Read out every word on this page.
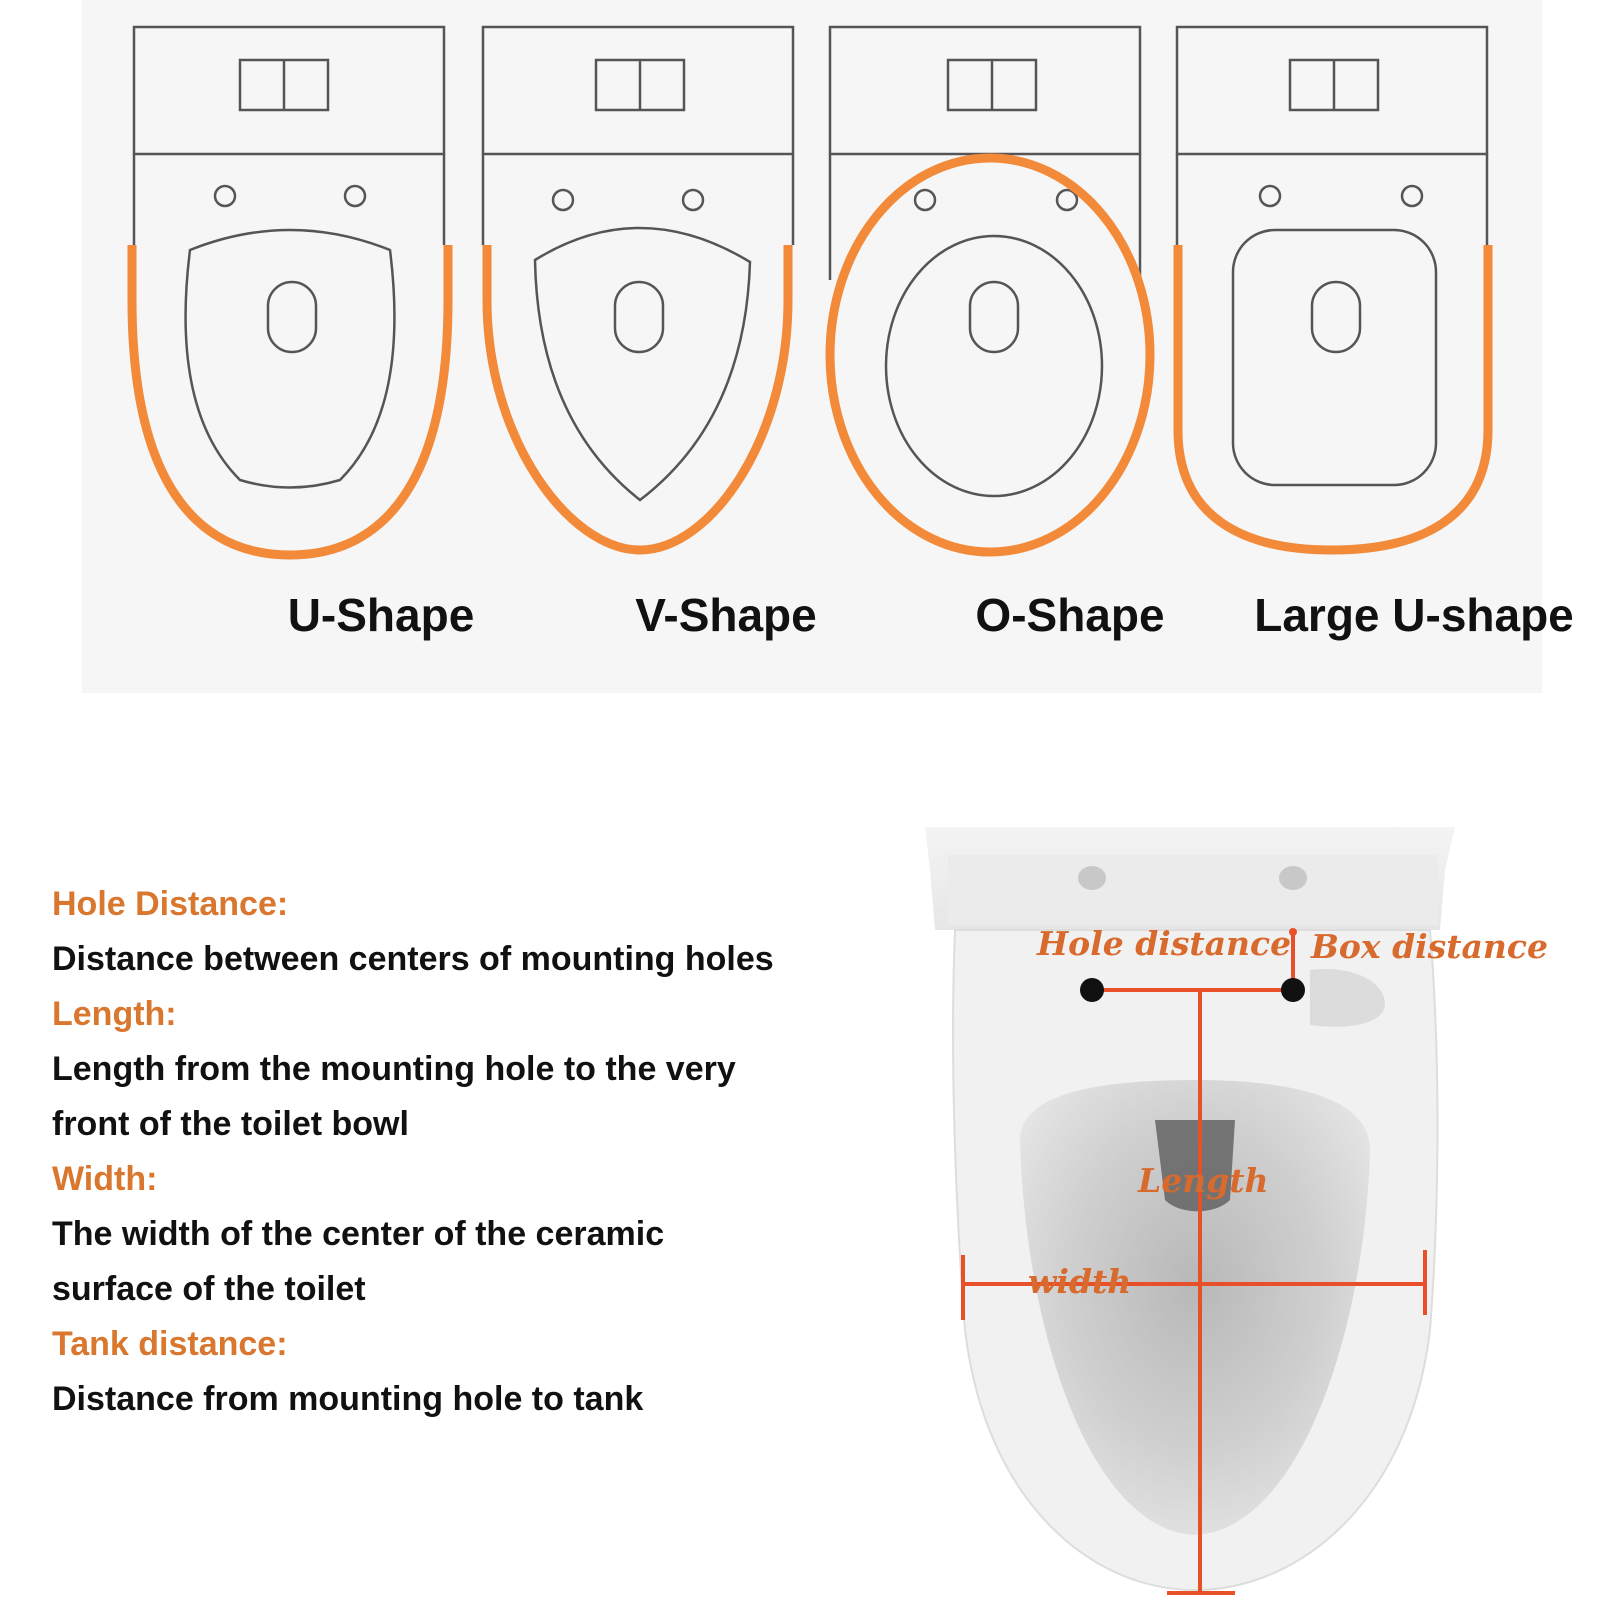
U-Shape	V-Shape	O-Shape	Large U-shape
Hole Distance:
Distance between centers of mounting holes
Length:
Length from the mounting hole to the very
front of the toilet bowl
Width:
The width of the center of the ceramic
surface of the toilet
Tank distance:
Distance from mounting hole to tank
Hole distance Box distance
Length
width
